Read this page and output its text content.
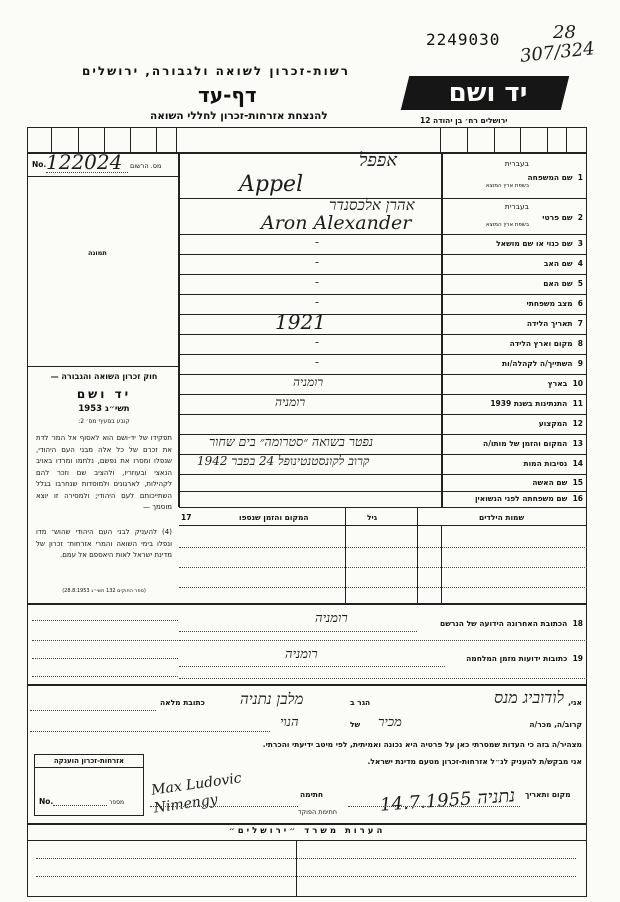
2249030	28
307/324
רשות-זכרון לשואה ולגבורה, ירושלים
דף-עד
להנצחת אזרחות-זכרון לחללי השואה
יד ושם
ירושלים רח׳ בן יהודה 12
No. 122024 מס. הרשום
תמונה
חוק זכרון השואה והגבורה —
יד ושם
תשי״ג 1953
קובע בסעיף מס׳ 2:
תפקידו של יד-ושם הוא לאסוף אל המו־ לדת את זכרם של כל אלה מבני העם היהודי, שנפלו ומסרו את נפשם, נלחמו ומרדו באויב הנאצי ובעוזריו, ולהציב שם וזכר להם לקהילות, לארגונים ולמוסדות שנחרבו בגלל השתייכותם לעם היהודי; ולמסירה זו יוצא מוסמך —
(4) להעניק לבני העם היהודי שהוש־ מדו ונפלו בימי השואה והמרי אזרחות־ זכרון של מדינת ישראל לאות היאספם אל עמם.
(ספר החוקים 132 תשי״ג 28.8.1953)
1  שם המשפחה
בעברית
בשפת ארץ המוצא
אפפל
Appel
2  שם פרטי
בעברית
בשפת ארץ המוצא
אהרן אלכסנדר
Aron Alexander
3  שם כנוי או שם מושאל
-
4  שם האב
-
5  שם האם
-
6  מצב משפחתי
-
7  תאריך הלידה
1921
8  מקום וארץ הלידה
-
9  השתייך/ה לקהלה/ות
-
10  בארץ
רומניה
11  התנתינות בשנת 1939
רומניה
12  המקצוע
13  המקום והזמן של מותו/ה
נפטר בשואה ״סטרומה״ בים שחור
14  נסיבות המות
קרוב לקונסטנטינופל 24 בפבר 1942
15  שם האשה
16  שם משפחתה לפני הנשואין
17	שמות הילדים
גיל
המקום והזמן שנספו
18  הכתובת האחרונה הידועה של הנרשם
רומניה
19  כתובות ידועות מזמן המלחמה
רומניה
אני,
לודוביג מנס
הגר ב
מלבן נתניה
כתובת מלאה
קרוב/ה, מכר/ה
מכיר
של
הנוי
מצהיר/ה בזה כי העדות שמסרתי כאן על פרטיה היא נכונה ואמיתית, לפי מיטב ידיעתי והכרתי.
אני מבקש/ת להעניק לנ״ל אזרחות-זכרון מטעם מדינת ישראל.
אזרחות-זכרון הוענקה
No.	מספר
מקום ותאריך
נתניה 14.7.1955
חתימה
Max Ludovic Nimengy	חתימת הפוקד
הערות משרד ״ירושלים״
